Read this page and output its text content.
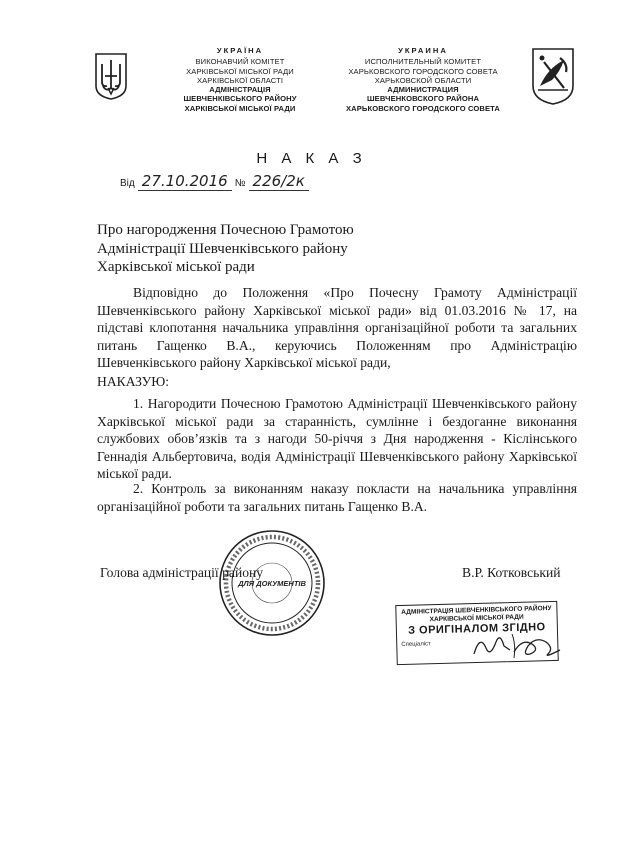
УКРАЇНА
ВИКОНАВЧИЙ КОМІТЕТ
ХАРКІВСЬКОЇ МІСЬКОЇ РАДИ
ХАРКІВСЬКОЇ ОБЛАСТІ
АДМІНІСТРАЦІЯ
ШЕВЧЕНКІВСЬКОГО РАЙОНУ
ХАРКІВСЬКОЇ МІСЬКОЇ РАДИ
УКРАИНА
ИСПОЛНИТЕЛЬНЫЙ КОМИТЕТ
ХАРЬКОВСКОГО ГОРОДСКОГО СОВЕТА
ХАРЬКОВСКОЙ ОБЛАСТИ
АДМИНИСТРАЦИЯ
ШЕВЧЕНКОВСКОГО РАЙОНА
ХАРЬКОВСКОГО ГОРОДСКОГО СОВЕТА
Н А К А З
Від 27.10.2016 № 226/2к
Про нагородження Почесною Грамотою
Адміністрації Шевченківського району
Харківської міської ради
Відповідно до Положення «Про Почесну Грамоту Адміністрації Шевченківського району Харківської міської ради» від 01.03.2016 № 17, на підставі клопотання начальника управління організаційної роботи та загальних питань Гащенко В.А., керуючись Положенням про Адміністрацію Шевченківського району Харківської міської ради,
НАКАЗУЮ:
1. Нагородити Почесною Грамотою Адміністрації Шевченківського району Харківської міської ради за старанність, сумлінне і бездоганне виконання службових обов’язків та з нагоди 50-річчя з Дня народження - Кіслінського Геннадія Альбертовича, водія Адміністрації Шевченківського району Харківської міської ради.
2. Контроль за виконанням наказу покласти на начальника управління організаційної роботи та загальних питань Гащенко В.А.
ДЛЯ ДОКУМЕНТІВ
Голова адміністрації району	В.Р. Котковський
АДМІНІСТРАЦІЯ ШЕВЧЕНКІВСЬКОГО РАЙОНУ ХАРКІВСЬКОЇ МІСЬКОЇ РАДИ
З ОРИГІНАЛОМ ЗГІДНО
Спеціаліст
